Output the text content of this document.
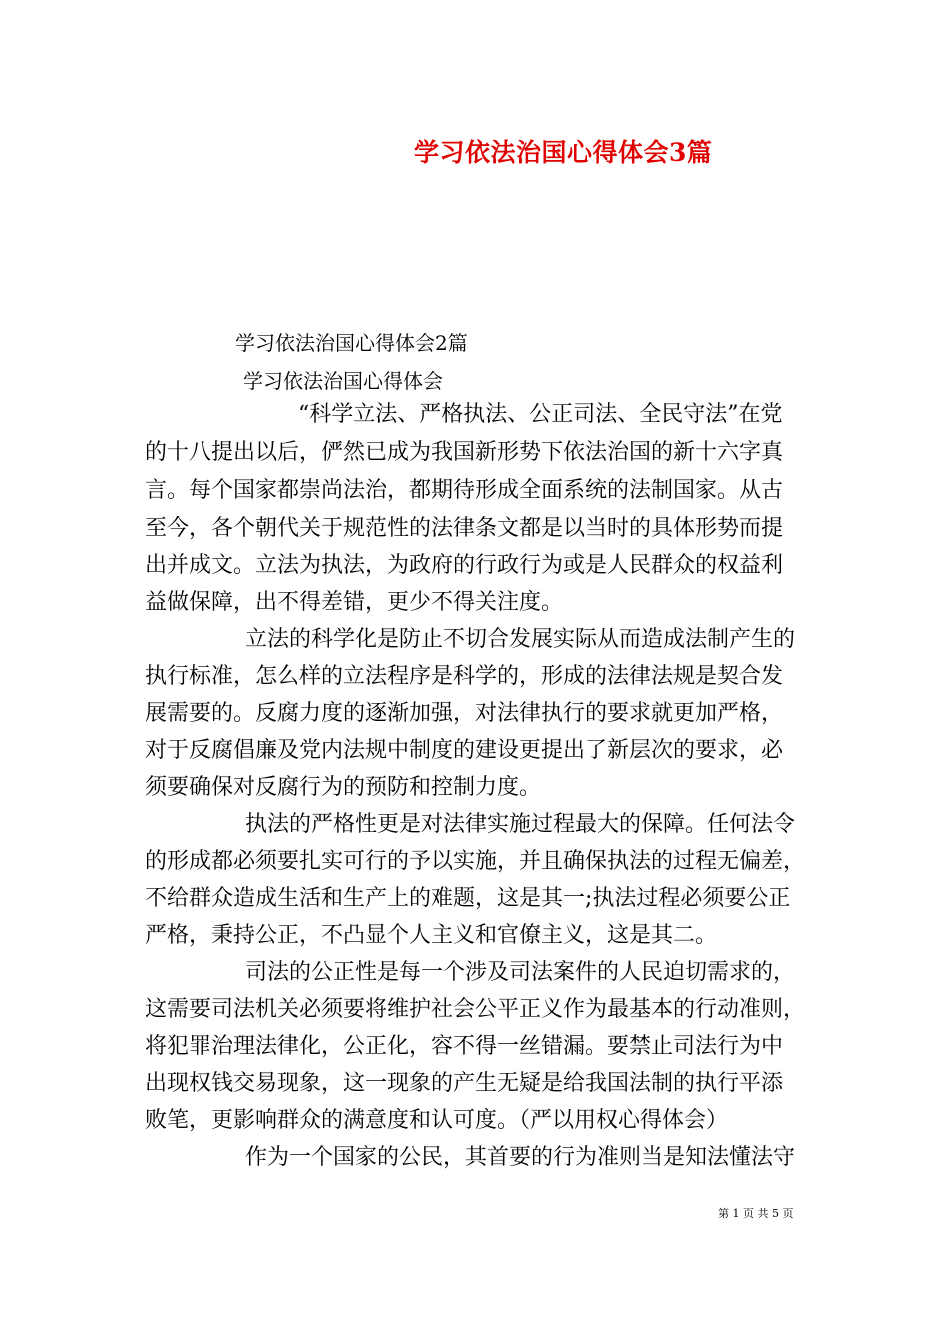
学习依法治国心得体会3篇
学习依法治国心得体会2篇
学习依法治国心得体会
“科学立法、严格执法、公正司法、全民守法”在党
的十八提出以后，俨然已成为我国新形势下依法治国的新十六字真
言。每个国家都崇尚法治，都期待形成全面系统的法制国家。从古
至今，各个朝代关于规范性的法律条文都是以当时的具体形势而提
出并成文。立法为执法，为政府的行政行为或是人民群众的权益利
益做保障，出不得差错，更少不得关注度。
立法的科学化是防止不切合发展实际从而造成法制产生的
执行标准，怎么样的立法程序是科学的，形成的法律法规是契合发
展需要的。反腐力度的逐渐加强，对法律执行的要求就更加严格，
对于反腐倡廉及党内法规中制度的建设更提出了新层次的要求，必
须要确保对反腐行为的预防和控制力度。
执法的严格性更是对法律实施过程最大的保障。任何法令
的形成都必须要扎实可行的予以实施，并且确保执法的过程无偏差，
不给群众造成生活和生产上的难题，这是其一;执法过程必须要公正
严格，秉持公正，不凸显个人主义和官僚主义，这是其二。
司法的公正性是每一个涉及司法案件的人民迫切需求的，
这需要司法机关必须要将维护社会公平正义作为最基本的行动准则，
将犯罪治理法律化，公正化，容不得一丝错漏。要禁止司法行为中
出现权钱交易现象，这一现象的产生无疑是给我国法制的执行平添
败笔，更影响群众的满意度和认可度。（严以用权心得体会）
作为一个国家的公民，其首要的行为准则当是知法懂法守
第 1 页 共 5 页
